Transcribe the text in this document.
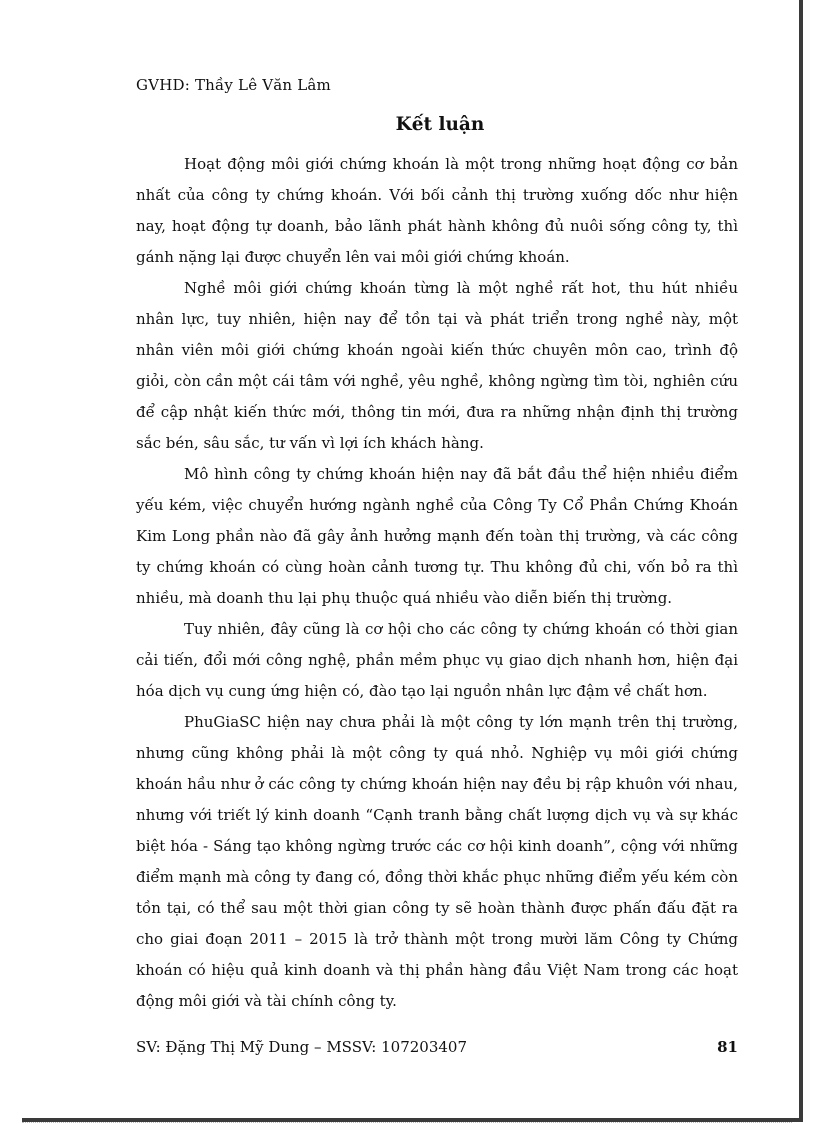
GVHD: Thầy Lê Văn Lâm
Kết luận

Hoạt động môi giới chứng khoán là một trong những hoạt động cơ bản nhất của công ty chứng khoán. Với bối cảnh thị trường xuống dốc như hiện nay, hoạt động tự doanh, bảo lãnh phát hành không đủ nuôi sống công ty, thì gánh nặng lại được chuyển lên vai môi giới chứng khoán.

Nghề môi giới chứng khoán từng là một nghề rất hot, thu hút nhiều nhân lực, tuy nhiên, hiện nay để tồn tại và phát triển trong nghề này, một nhân viên môi giới chứng khoán ngoài kiến thức chuyên môn cao, trình độ giỏi, còn cần một cái tâm với nghề, yêu nghề, không ngừng tìm tòi, nghiên cứu để cập nhật kiến thức mới, thông tin mới, đưa ra những nhận định thị trường sắc bén, sâu sắc, tư vấn vì lợi ích khách hàng.

Mô hình công ty chứng khoán hiện nay đã bắt đầu thể hiện nhiều điểm yếu kém, việc chuyển hướng ngành nghề của Công Ty Cổ Phần Chứng Khoán Kim Long phần nào đã gây ảnh hưởng mạnh đến toàn thị trường, và các công ty chứng khoán có cùng hoàn cảnh tương tự. Thu không đủ chi, vốn bỏ ra thì nhiều, mà doanh thu lại phụ thuộc quá nhiều vào diễn biến thị trường.

Tuy nhiên, đây cũng là cơ hội cho các công ty chứng khoán có thời gian cải tiến, đổi mới công nghệ, phần mềm phục vụ giao dịch nhanh hơn, hiện đại hóa dịch vụ cung ứng hiện có, đào tạo lại nguồn nhân lực đậm về chất hơn.

PhuGiaSC hiện nay chưa phải là một công ty lớn mạnh trên thị trường, nhưng cũng không phải là một công ty quá nhỏ. Nghiệp vụ môi giới chứng khoán hầu như ở các công ty chứng khoán hiện nay đều bị rập khuôn với nhau, nhưng với triết lý kinh doanh “Cạnh tranh bằng chất lượng dịch vụ và sự khác biệt hóa - Sáng tạo không ngừng trước các cơ hội kinh doanh”, cộng với những điểm mạnh mà công ty đang có, đồng thời khắc phục những điểm yếu kém còn tồn tại, có thể sau một thời gian công ty sẽ hoàn thành được phấn đấu đặt ra cho giai đoạn 2011 – 2015 là trở thành một trong mười lăm Công ty Chứng khoán có hiệu quả kinh doanh và thị phần hàng đầu Việt Nam trong các hoạt động môi giới và tài chính công ty.

SV: Đặng Thị Mỹ Dung – MSSV: 107203407	81
